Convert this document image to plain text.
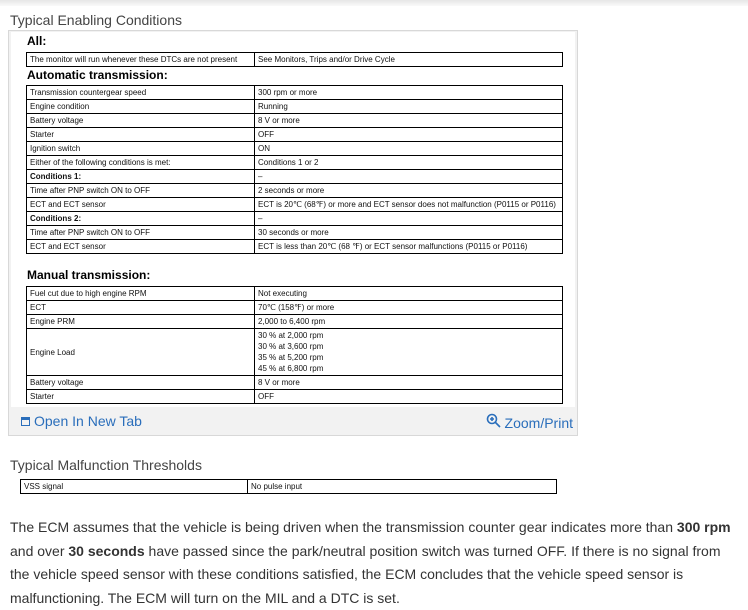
Typical Enabling Conditions
All:
The monitor will run whenever these DTCs are not present	See Monitors, Trips and/or Drive Cycle
Automatic transmission:
Transmission countergear speed	300 rpm or more
Engine condition	Running
Battery voltage	8 V or more
Starter	OFF
Ignition switch	ON
Either of the following conditions is met:	Conditions 1 or 2
Conditions 1:	–
Time after PNP switch ON to OFF	2 seconds or more
ECT and ECT sensor	ECT is 20℃ (68℉) or more and ECT sensor does not malfunction (P0115 or P0116)
Conditions 2:	–
Time after PNP switch ON to OFF	30 seconds or more
ECT and ECT sensor	ECT is less than 20℃ (68 ℉) or ECT sensor malfunctions (P0115 or P0116)
Manual transmission:
Fuel cut due to high engine RPM	Not executing
ECT	70℃ (158℉) or more
Engine PRM	2,000 to 6,400 rpm
Engine Load	30 % at 2,000 rpm
30 % at 3,600 rpm
35 % at 5,200 rpm
45 % at 6,800 rpm
Battery voltage	8 V or more
Starter	OFF
Open In New Tab	Zoom/Print
Typical Malfunction Thresholds
VSS signal	No pulse input

The ECM assumes that the vehicle is being driven when the transmission counter gear indicates more than 300 rpm and over 30 seconds have passed since the park/neutral position switch was turned OFF. If there is no signal from the vehicle speed sensor with these conditions satisfied, the ECM concludes that the vehicle speed sensor is malfunctioning. The ECM will turn on the MIL and a DTC is set.
